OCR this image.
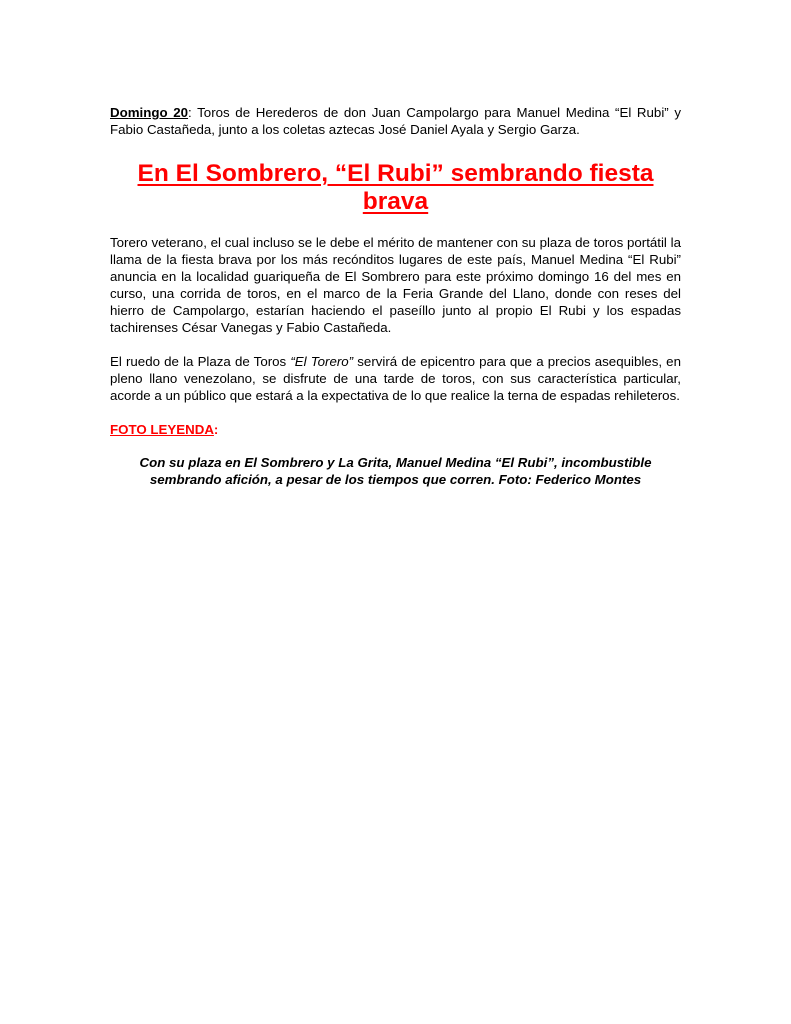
Domingo 20: Toros de Herederos de don Juan Campolargo para Manuel Medina “El Rubi” y Fabio Castañeda, junto a los coletas aztecas José Daniel Ayala y Sergio Garza.

En El Sombrero, “El Rubi” sembrando fiesta brava

Torero veterano, el cual incluso se le debe el mérito de mantener con su plaza de toros portátil la llama de la fiesta brava por los más recónditos lugares de este país, Manuel Medina “El Rubi” anuncia en la localidad guariqueña de El Sombrero para este próximo domingo 16 del mes en curso, una corrida de toros, en el marco de la Feria Grande del Llano, donde con reses del hierro de Campolargo, estarían haciendo el paseíllo junto al propio El Rubi y los espadas tachirenses César Vanegas y Fabio Castañeda.

El ruedo de la Plaza de Toros “El Torero” servirá de epicentro para que a precios asequibles, en pleno llano venezolano, se disfrute de una tarde de toros, con sus característica particular, acorde a un público que estará a la expectativa de lo que realice la terna de espadas rehileteros.

FOTO LEYENDA:

Con su plaza en El Sombrero y La Grita, Manuel Medina “El Rubi”, incombustible sembrando afición, a pesar de los tiempos que corren. Foto: Federico Montes
